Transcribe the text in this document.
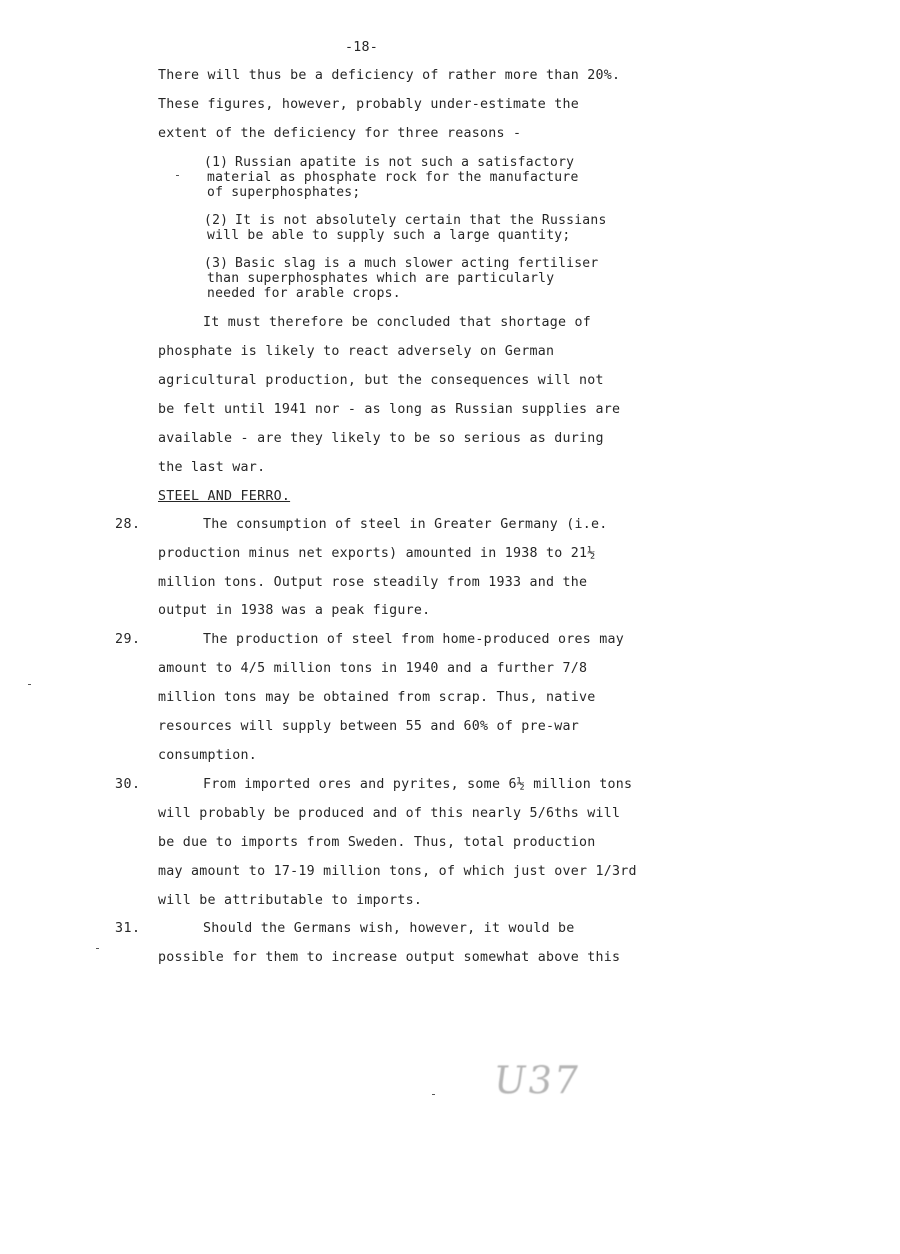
-18-
There will thus be a deficiency of rather more than 20%.
These figures, however, probably under-estimate the
extent of the deficiency for three reasons -
(1) Russian apatite is not such a satisfactory
material as phosphate rock for the manufacture
of superphosphates;
(2) It is not absolutely certain that the Russians
will be able to supply such a large quantity;
(3) Basic slag is a much slower acting fertiliser
than superphosphates which are particularly
needed for arable crops.
It must therefore be concluded that shortage of
phosphate is likely to react adversely on German
agricultural production, but the consequences will not
be felt until 1941 nor - as long as Russian supplies are
available - are they likely to be so serious as during
the last war.
STEEL AND FERRO.
28.	The consumption of steel in Greater Germany (i.e.
production minus net exports) amounted in 1938 to 21½
million tons. Output rose steadily from 1933 and the
output in 1938 was a peak figure.
29.	The production of steel from home-produced ores may
amount to 4/5 million tons in 1940 and a further 7/8
million tons may be obtained from scrap. Thus, native
resources will supply between 55 and 60% of pre-war
consumption.
30.	From imported ores and pyrites, some 6½ million tons
will probably be produced and of this nearly 5/6ths will
be due to imports from Sweden. Thus, total production
may amount to 17-19 million tons, of which just over 1/3rd
will be attributable to imports.
31.	Should the Germans wish, however, it would be
possible for them to increase output somewhat above this
U37
